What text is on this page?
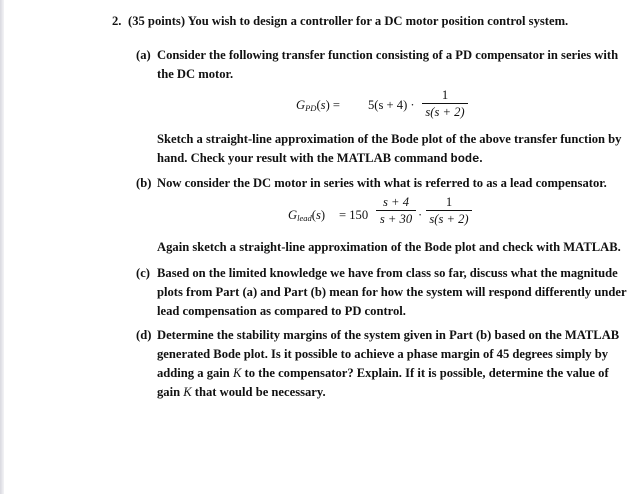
2. (35 points) You wish to design a controller for a DC motor position control system.
(a) Consider the following transfer function consisting of a PD compensator in series with
the DC motor.
$G_{PD}(s) = 5(s + 4)$ ·
1
s(s + 2)
Sketch a straight-line approximation of the Bode plot of the above transfer function by
hand. Check your result with the MATLAB command bode.
(b) Now consider the DC motor in series with what is referred to as a lead compensator.
$G_{lead}(s) = 150$
s + 4
s + 30 ·
1
s(s + 2)
Again sketch a straight-line approximation of the Bode plot and check with MATLAB.
(c) Based on the limited knowledge we have from class so far, discuss what the magnitude
plots from Part (a) and Part (b) mean for how the system will respond differently under
lead compensation as compared to PD control.
(d) Determine the stability margins of the system given in Part (b) based on the MATLAB
generated Bode plot. Is it possible to achieve a phase margin of 45 degrees simply by
adding a gain K to the compensator? Explain. If it is possible, determine the value of
gain K that would be necessary.
